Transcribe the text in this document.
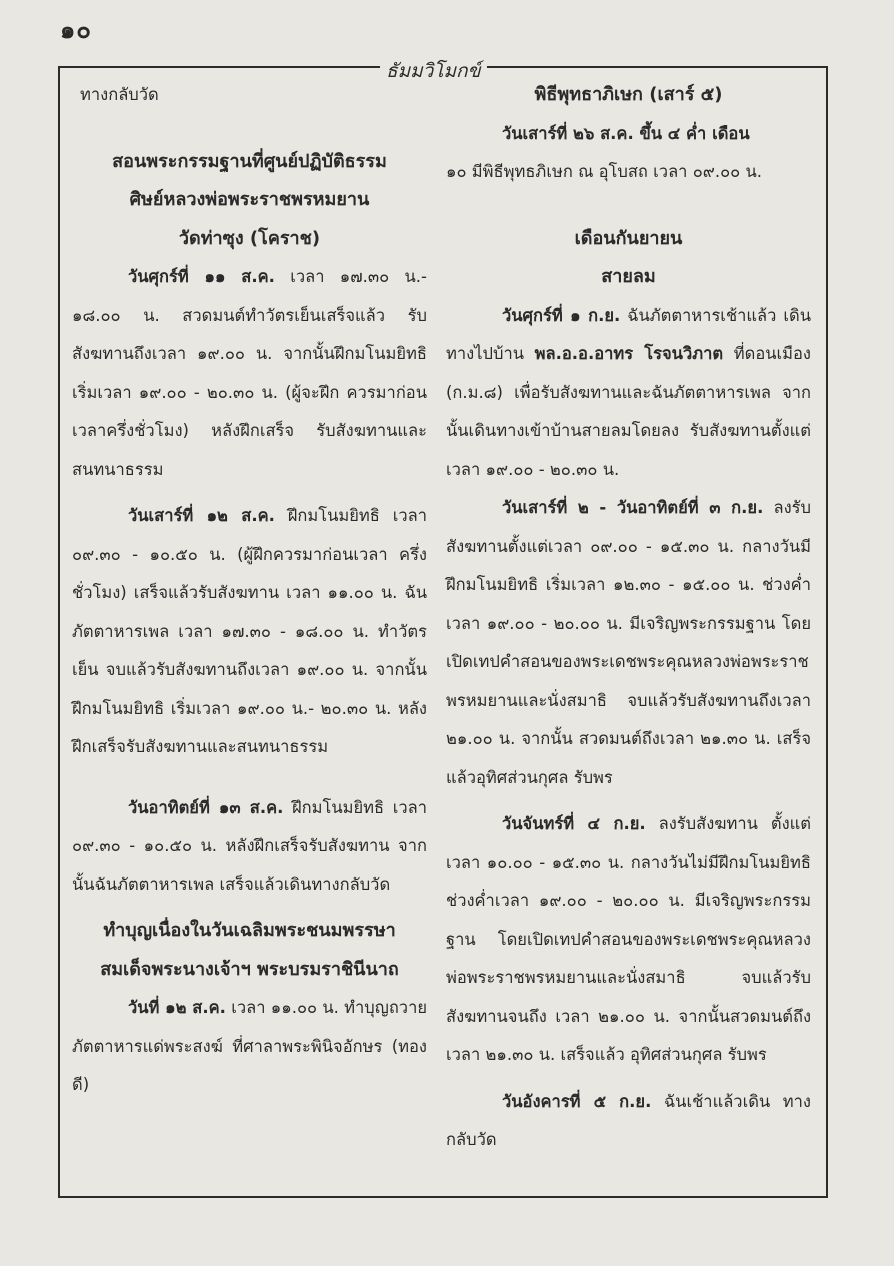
๑๐
ธัมมวิโมกข์

ทางกลับวัด

สอนพระกรรมฐานที่ศูนย์ปฏิบัติธรรม

ศิษย์หลวงพ่อพระราชพรหมยาน

วัดท่าซุง (โคราช)

วันศุกร์ที่ ๑๑ ส.ค. เวลา ๑๗.๓๐ น.- ๑๘.๐๐ น. สวดมนต์ทำวัตรเย็นเสร็จแล้ว รับสังฆทานถึงเวลา ๑๙.๐๐ น. จากนั้นฝึกมโนมยิทธิ เริ่มเวลา ๑๙.๐๐ - ๒๐.๓๐ น. (ผู้จะฝึก ควรมาก่อนเวลาครึ่งชั่วโมง) หลังฝึกเสร็จ รับสังฆทานและสนทนาธรรม

วันเสาร์ที่ ๑๒ ส.ค. ฝึกมโนมยิทธิ เวลา ๐๙.๓๐ - ๑๐.๕๐ น. (ผู้ฝึกควรมาก่อนเวลา ครึ่งชั่วโมง) เสร็จแล้วรับสังฆทาน เวลา ๑๑.๐๐ น. ฉันภัตตาหารเพล เวลา ๑๗.๓๐ - ๑๘.๐๐ น. ทำวัตรเย็น จบแล้วรับสังฆทานถึงเวลา ๑๙.๐๐ น. จากนั้น ฝึกมโนมยิทธิ เริ่มเวลา ๑๙.๐๐ น.- ๒๐.๓๐ น. หลังฝึกเสร็จรับสังฆทานและสนทนาธรรม

วันอาทิตย์ที่ ๑๓ ส.ค. ฝึกมโนมยิทธิ เวลา ๐๙.๓๐ - ๑๐.๕๐ น. หลังฝึกเสร็จรับสังฆทาน จากนั้นฉันภัตตาหารเพล เสร็จแล้วเดินทางกลับวัด

ทำบุญเนื่องในวันเฉลิมพระชนมพรรษา

สมเด็จพระนางเจ้าฯ พระบรมราชินีนาถ

วันที่ ๑๒ ส.ค. เวลา ๑๑.๐๐ น. ทำบุญถวายภัตตาหารแด่พระสงฆ์ ที่ศาลาพระพินิจอักษร (ทองดี)

พิธีพุทธาภิเษก (เสาร์ ๕)

วันเสาร์ที่ ๒๖ ส.ค. ขึ้น ๔ ค่ำ เดือน

๑๐ มีพิธีพุทธภิเษก ณ อุโบสถ เวลา ๐๙.๐๐ น.

เดือนกันยายน

สายลม

วันศุกร์ที่ ๑ ก.ย. ฉันภัตตาหารเช้าแล้ว เดินทางไปบ้าน พล.อ.อ.อาทร โรจนวิภาต ที่ดอนเมือง (ก.ม.๘) เพื่อรับสังฆทานและฉันภัตตาหารเพล จากนั้นเดินทางเข้าบ้านสายลมโดยลง รับสังฆทานตั้งแต่เวลา ๑๙.๐๐ - ๒๐.๓๐ น.

วันเสาร์ที่ ๒ - วันอาทิตย์ที่ ๓ ก.ย. ลงรับสังฆทานตั้งแต่เวลา ๐๙.๐๐ - ๑๕.๓๐ น. กลางวันมีฝึกมโนมยิทธิ เริ่มเวลา ๑๒.๓๐ - ๑๕.๐๐ น. ช่วงค่ำ เวลา ๑๙.๐๐ - ๒๐.๐๐ น. มีเจริญพระกรรมฐาน โดยเปิดเทปคำสอนของพระเดชพระคุณหลวงพ่อพระราชพรหมยานและนั่งสมาธิ จบแล้วรับสังฆทานถึงเวลา ๒๑.๐๐ น. จากนั้น สวดมนต์ถึงเวลา ๒๑.๓๐ น. เสร็จแล้วอุทิศส่วนกุศล รับพร

วันจันทร์ที่ ๔ ก.ย. ลงรับสังฆทาน ตั้งแต่เวลา ๑๐.๐๐ - ๑๕.๓๐ น. กลางวันไม่มีฝึกมโนมยิทธิ ช่วงค่ำเวลา ๑๙.๐๐ - ๒๐.๐๐ น. มีเจริญพระกรรมฐาน โดยเปิดเทปคำสอนของพระเดชพระคุณหลวงพ่อพระราชพรหมยานและนั่งสมาธิ จบแล้วรับสังฆทานจนถึง เวลา ๒๑.๐๐ น. จากนั้นสวดมนต์ถึงเวลา ๒๑.๓๐ น. เสร็จแล้ว อุทิศส่วนกุศล รับพร

วันอังคารที่ ๕ ก.ย. ฉันเช้าแล้วเดิน ทางกลับวัด
